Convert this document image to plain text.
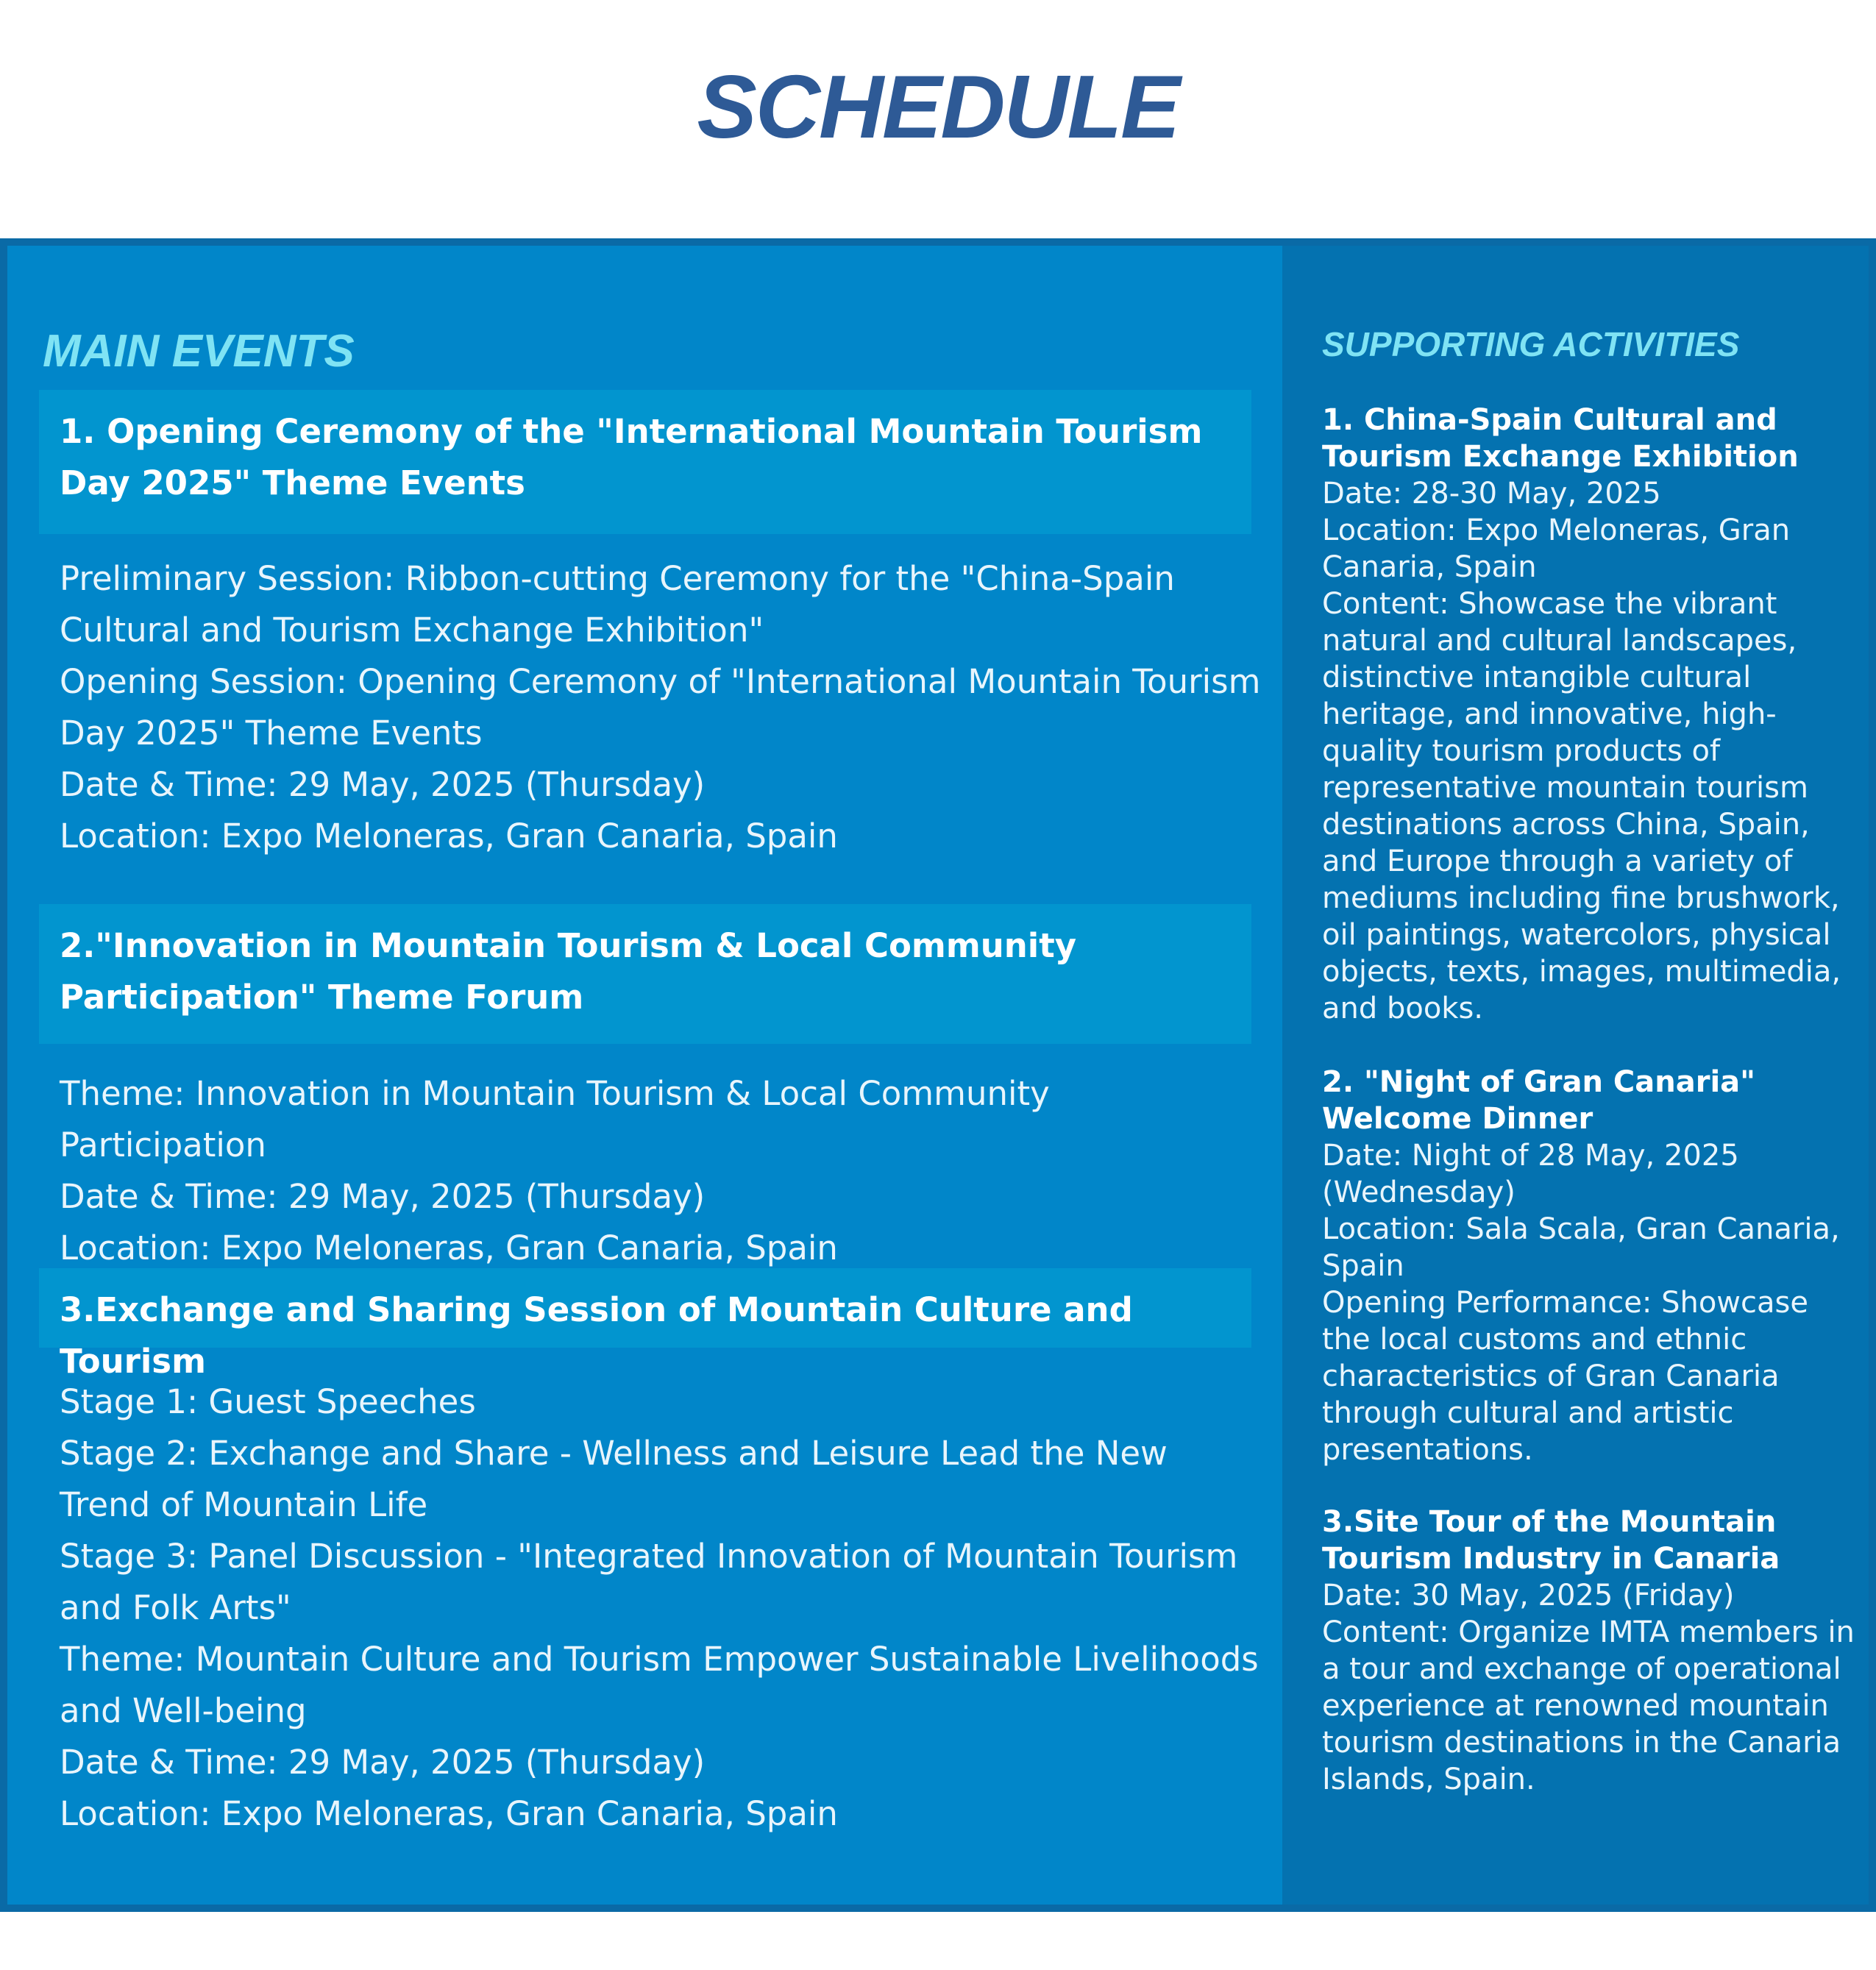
SCHEDULE
MAIN EVENTS
1. Opening Ceremony of the "International Mountain Tourism Day 2025" Theme Events
Preliminary Session: Ribbon-cutting Ceremony for the "China-Spain Cultural and Tourism Exchange Exhibition"
Opening Session: Opening Ceremony of "International Mountain Tourism Day 2025" Theme Events
Date & Time: 29 May, 2025 (Thursday)
Location: Expo Meloneras, Gran Canaria, Spain
2."Innovation in Mountain Tourism & Local Community Participation" Theme Forum
Theme: Innovation in Mountain Tourism & Local Community Participation
Date & Time: 29 May, 2025 (Thursday)
Location: Expo Meloneras, Gran Canaria, Spain
3.Exchange and Sharing Session of Mountain Culture and Tourism
Stage 1: Guest Speeches
Stage 2: Exchange and Share - Wellness and Leisure Lead the New Trend of Mountain Life
Stage 3: Panel Discussion - "Integrated Innovation of Mountain Tourism and Folk Arts"
Theme: Mountain Culture and Tourism Empower Sustainable Livelihoods and Well-being
Date & Time: 29 May, 2025 (Thursday)
Location: Expo Meloneras, Gran Canaria, Spain
SUPPORTING ACTIVITIES
1. China-Spain Cultural and Tourism Exchange Exhibition
Date: 28-30 May, 2025
Location: Expo Meloneras, Gran Canaria, Spain
Content: Showcase the vibrant natural and cultural landscapes, distinctive intangible cultural heritage, and innovative, high-quality tourism products of representative mountain tourism destinations across China, Spain, and Europe through a variety of mediums including fine brushwork, oil paintings, watercolors, physical objects, texts, images, multimedia, and books.
2. "Night of Gran Canaria" Welcome Dinner
Date: Night of 28 May, 2025 (Wednesday)
Location: Sala Scala, Gran Canaria, Spain
Opening Performance: Showcase the local customs and ethnic characteristics of Gran Canaria through cultural and artistic presentations.
3.Site Tour of the Mountain Tourism Industry in Canaria
Date: 30 May, 2025 (Friday)
Content: Organize IMTA members in a tour and exchange of operational experience at renowned mountain tourism destinations in the Canaria Islands, Spain.
